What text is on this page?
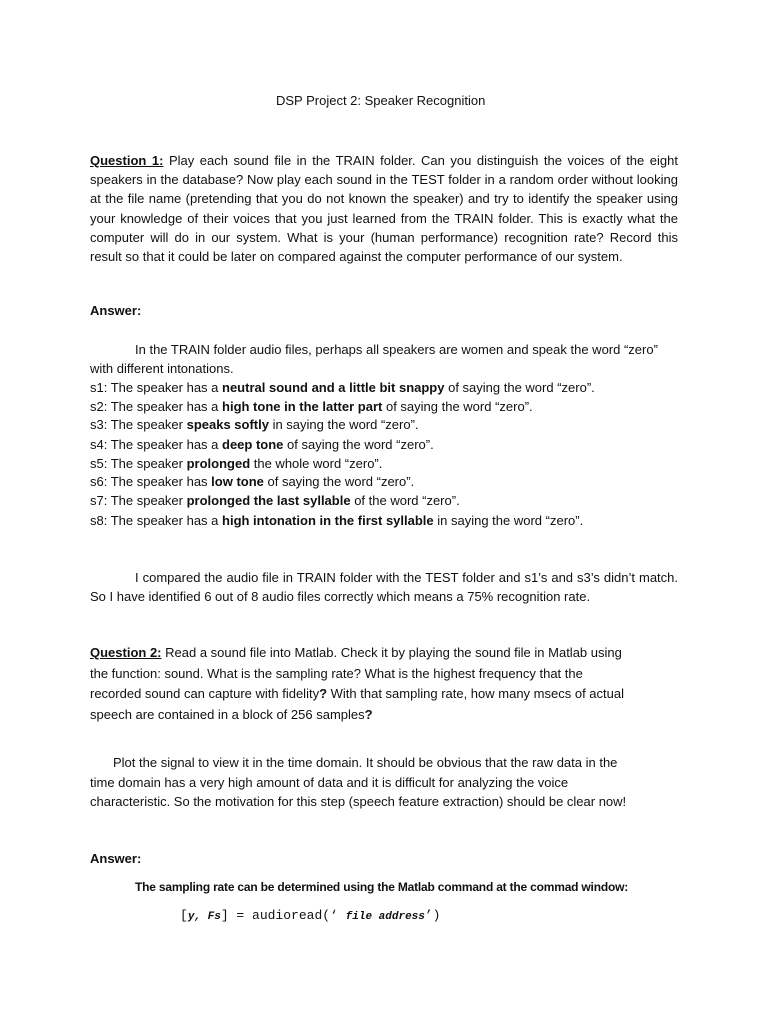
DSP Project 2: Speaker Recognition
Question 1: Play each sound file in the TRAIN folder. Can you distinguish the voices of the eight speakers in the database? Now play each sound in the TEST folder in a random order without looking at the file name (pretending that you do not known the speaker) and try to identify the speaker using your knowledge of their voices that you just learned from the TRAIN folder. This is exactly what the computer will do in our system. What is your (human performance) recognition rate? Record this result so that it could be later on compared against the computer performance of our system.
Answer:
In the TRAIN folder audio files, perhaps all speakers are women and speak the word “zero”
with different intonations.
s1: The speaker has a neutral sound and a little bit snappy of saying the word “zero”.
s2: The speaker has a high tone in the latter part of saying the word “zero”.
s3: The speaker speaks softly in saying the word “zero”.
s4: The speaker has a deep tone of saying the word “zero”.
s5: The speaker prolonged the whole word “zero”.
s6: The speaker has low tone of saying the word “zero”.
s7: The speaker prolonged the last syllable of the word “zero”.
s8: The speaker has a high intonation in the first syllable in saying the word “zero”.
I compared the audio file in TRAIN folder with the TEST folder and s1’s and s3’s didn’t match. So I have identified 6 out of 8 audio files correctly which means a 75% recognition rate.
Question 2: Read a sound file into Matlab. Check it by playing the sound file in Matlab using
the function: sound. What is the sampling rate? What is the highest frequency that the
recorded sound can capture with fidelity? With that sampling rate, how many msecs of actual
speech are contained in a block of 256 samples?
Plot the signal to view it in the time domain. It should be obvious that the raw data in the
time domain has a very high amount of data and it is difficult for analyzing the voice
characteristic. So the motivation for this step (speech feature extraction) should be clear now!
Answer:
The sampling rate can be determined using the Matlab command at the commad window:
[y, Fs] = audioread(‘ file address’)
